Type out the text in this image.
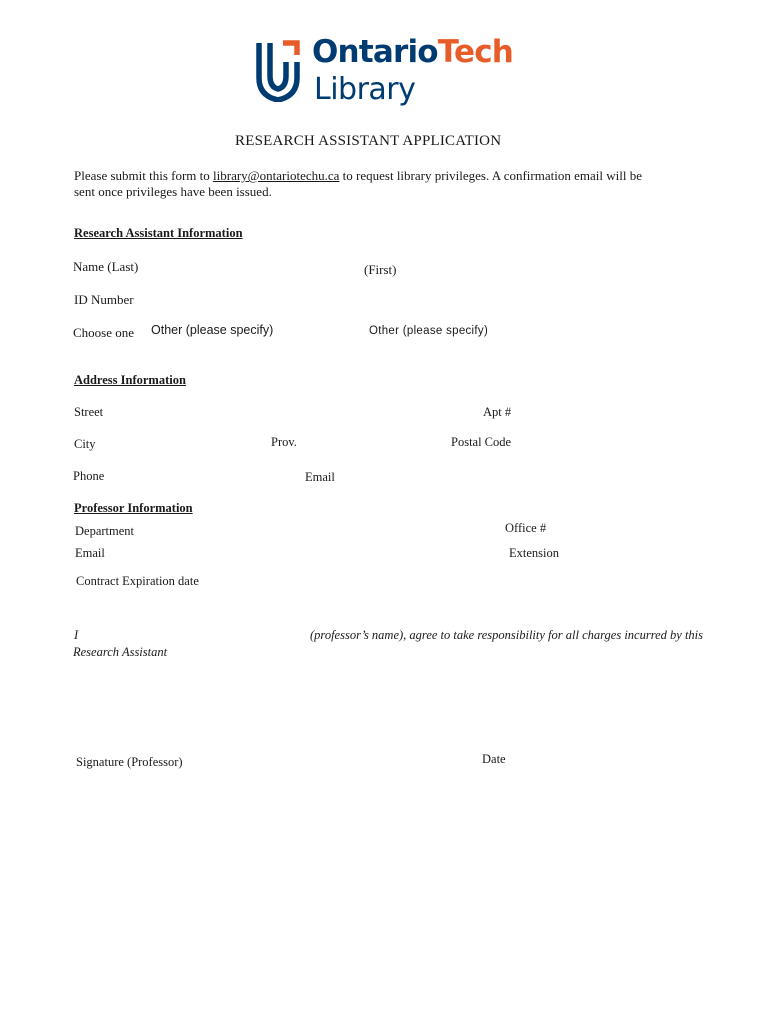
OntarioTech
Library
RESEARCH ASSISTANT APPLICATION
Please submit this form to library@ontariotechu.ca to request library privileges. A confirmation email will be
sent once privileges have been issued.
Research Assistant Information
Name (Last)	(First)
ID Number
Choose one Other (please specify)	Other (please specify)
Address Information
Street	Apt #
City	Prov.	Postal Code
Phone	Email
Professor Information
Department	Office #
Email	Extension
Contract Expiration date
I	(professor’s name), agree to take responsibility for all charges incurred by this
Research Assistant
Signature (Professor)	Date
